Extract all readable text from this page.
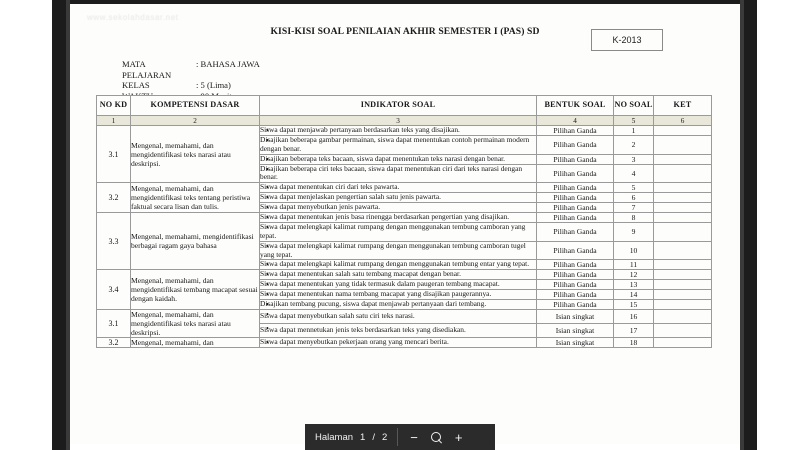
www.sekolahdasar.net
KISI-KISI SOAL PENILAIAN AKHIR SEMESTER I (PAS) SD
K-2013
MATA PELAJARAN
: BAHASA JAWA
KELAS	: 5 (Lima)
NO KD	KOMPETENSI DASAR	INDIKATOR SOAL	BENTUK SOAL	NO SOAL	KET
1	2	3	4	5	6
3.1	Mengenal, memahami, dan mengidentifikasi teks narasi atau deskripsi.	• Siswa dapat menjawab pertanyaan berdasarkan teks yang disajikan.	Pilihan Ganda	1	
		• Disajikan beberapa gambar permainan, siswa dapat menentukan contoh permainan modern dengan benar.	Pilihan Ganda	2	
		• Disajikan beberapa teks bacaan, siswa dapat menentukan teks narasi dengan benar.	Pilihan Ganda	3	
		• Disajikan beberapa ciri teks bacaan, siswa dapat menentukan ciri dari teks narasi dengan benar.	Pilihan Ganda	4	
3.2	Mengenal, memahami, dan mengidentifikasi teks tentang peristiwa faktual secara lisan dan tulis.	• Siswa dapat menentukan ciri dari teks pawarta.	Pilihan Ganda	5	
		• Siswa dapat menjelaskan pengertian salah satu jenis pawarta.	Pilihan Ganda	6	
		• Siswa dapat menyebutkan jenis pawarta.	Pilihan Ganda	7	
3.3	Mengenal, memahami, mengidentifikasi berbagai ragam gaya bahasa	• Siswa dapat menentukan jenis basa rinengga berdasarkan pengertian yang disajikan.	Pilihan Ganda	8	
		• Siswa dapat melengkapi kalimat rumpang dengan menggunakan tembung camboran yang tepat.	Pilihan Ganda	9	
		• Siswa dapat melengkapi kalimat rumpang dengan menggunakan tembung camboran tugel yang tepat.	Pilihan Ganda	10	
		• Siswa dapat melengkapi kalimat rumpang dengan menggunakan tembung entar yang tepat.	Pilihan Ganda	11	
3.4	Mengenal, memahami, dan mengidentifikasi tembang macapat sesuai dengan kaidah.	• Siswa dapat menentukan salah satu tembang macapat dengan benar.	Pilihan Ganda	12	
		• Siswa dapat menentukan yang tidak termasuk dalam paugeran tembang macapat.	Pilihan Ganda	13	
		• Siswa dapat menentukan nama tembang macapat yang disajikan paugerannya.	Pilihan Ganda	14	
		• Disajikan tembang pucung, siswa dapat menjawab pertanyaan dari tembang.	Pilihan Ganda	15	
3.1	Mengenal, memahami, dan mengidentifikasi teks narasi atau deskripsi.	• Siswa dapat menyebutkan salah satu ciri teks narasi.	Isian singkat	16	
		• Siswa dapat mennetukan jenis teks berdasarkan teks yang disediakan.	Isian singkat	17	
3.2	Mengenal, memahami, dan	• Siswa dapat menyebutkan pekerjaan orang yang mencari berita.	Isian singkat	18	
Halaman 1 / 2 −	+
